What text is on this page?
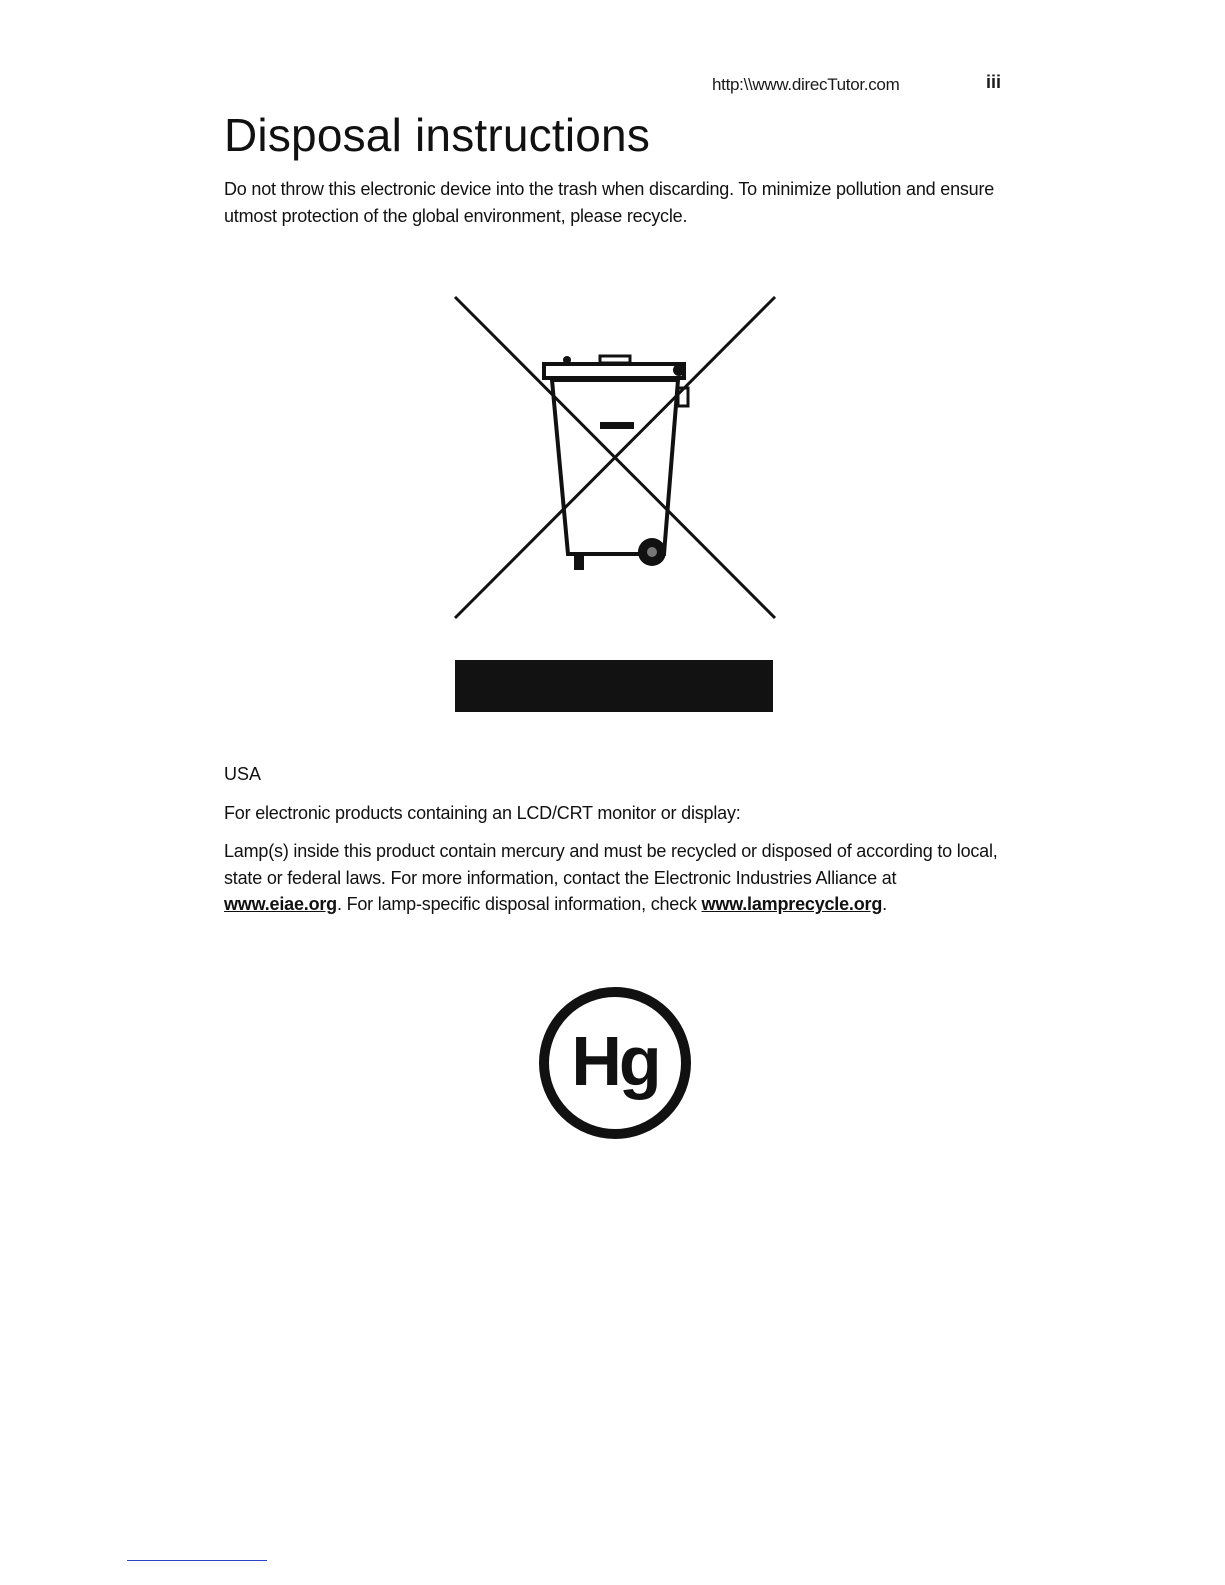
http:\\www.direcTutor.com	iii
Disposal instructions

Do not throw this electronic device into the trash when discarding. To minimize pollution and ensure utmost protection of the global environment, please recycle.

USA

For electronic products containing an LCD/CRT monitor or display:

Lamp(s) inside this product contain mercury and must be recycled or disposed of according to local, state or federal laws. For more information, contact the Electronic Industries Alliance at www.eiae.org. For lamp-specific disposal information, check www.lamprecycle.org.

Hg
